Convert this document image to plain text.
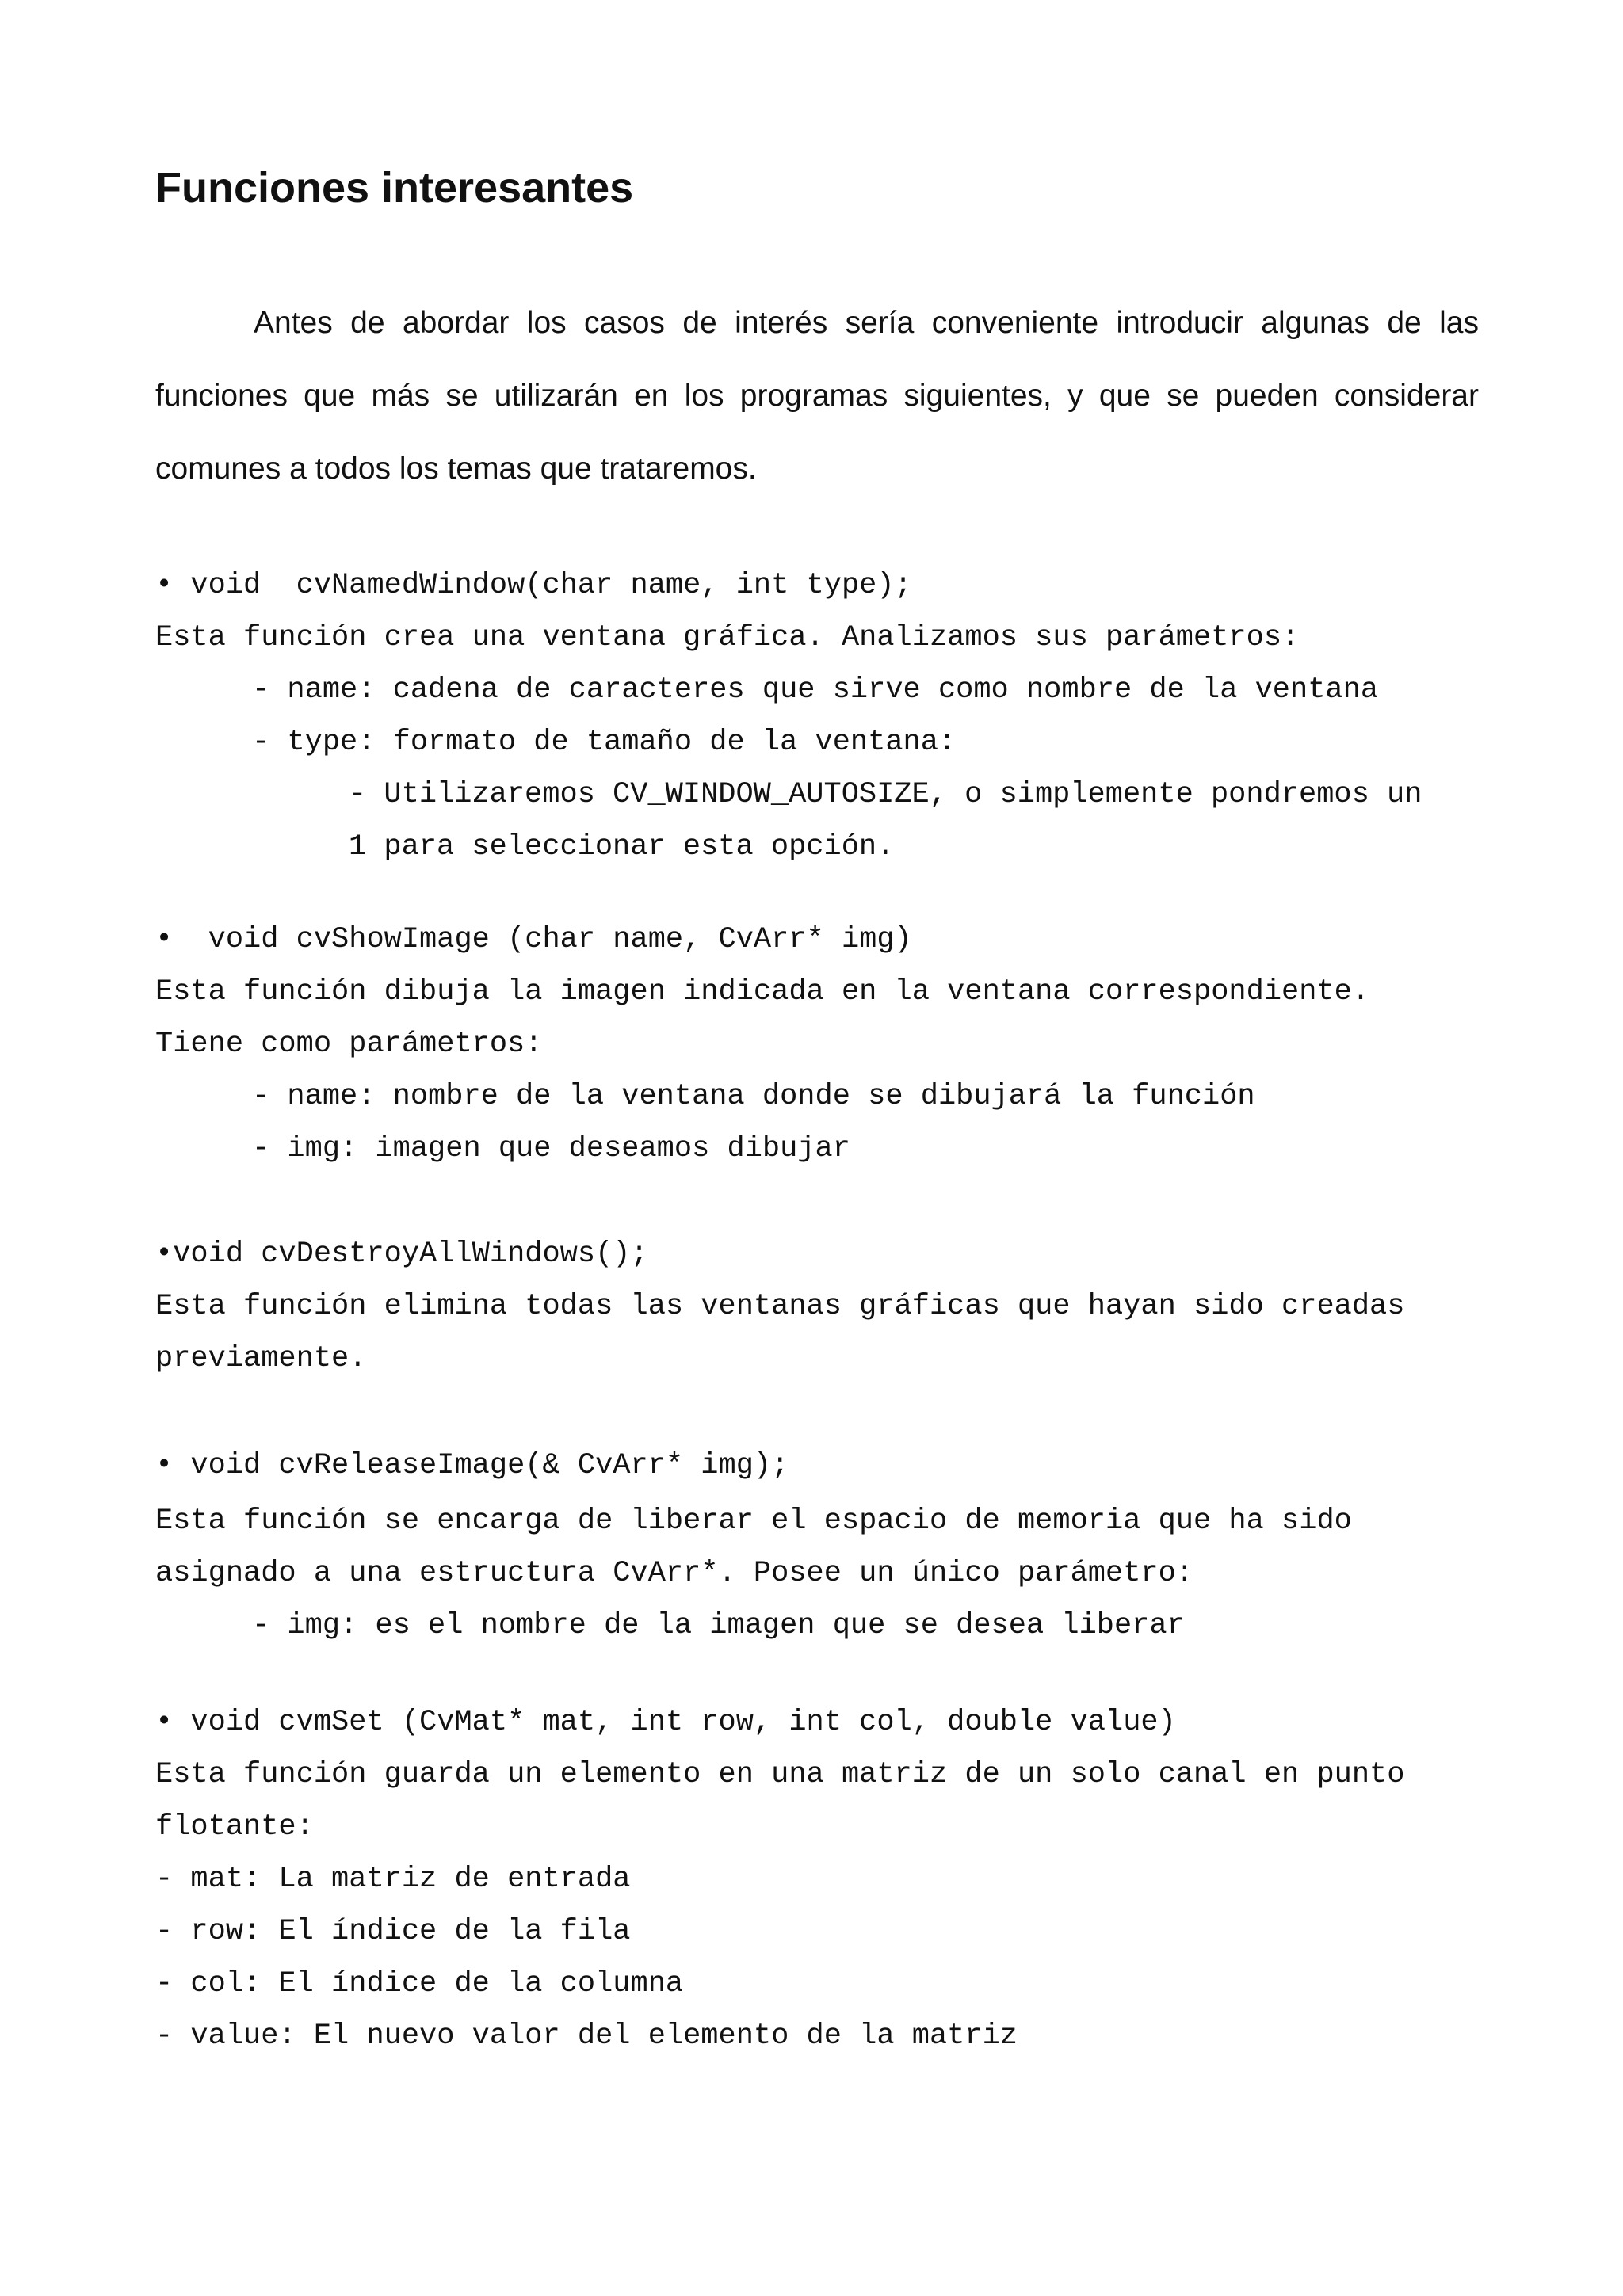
Funciones interesantes

Antes de abordar los casos de interés sería conveniente introducir algunas de las funciones que más se utilizarán en los programas siguientes, y que se pueden considerar comunes a todos los temas que trataremos.

• void  cvNamedWindow(char name, int type);
Esta función crea una ventana gráfica. Analizamos sus parámetros:
- name: cadena de caracteres que sirve como nombre de la ventana
- type: formato de tamaño de la ventana:
- Utilizaremos CV_WINDOW_AUTOSIZE, o simplemente pondremos un
1 para seleccionar esta opción.
•  void cvShowImage (char name, CvArr* img)
Esta función dibuja la imagen indicada en la ventana correspondiente.
Tiene como parámetros:
- name: nombre de la ventana donde se dibujará la función
- img: imagen que deseamos dibujar
•void cvDestroyAllWindows();
Esta función elimina todas las ventanas gráficas que hayan sido creadas
previamente.
• void cvReleaseImage(& CvArr* img);
Esta función se encarga de liberar el espacio de memoria que ha sido
asignado a una estructura CvArr*. Posee un único parámetro:
- img: es el nombre de la imagen que se desea liberar
• void cvmSet (CvMat* mat, int row, int col, double value)
Esta función guarda un elemento en una matriz de un solo canal en punto
flotante:
- mat: La matriz de entrada
- row: El índice de la fila
- col: El índice de la columna
- value: El nuevo valor del elemento de la matriz
